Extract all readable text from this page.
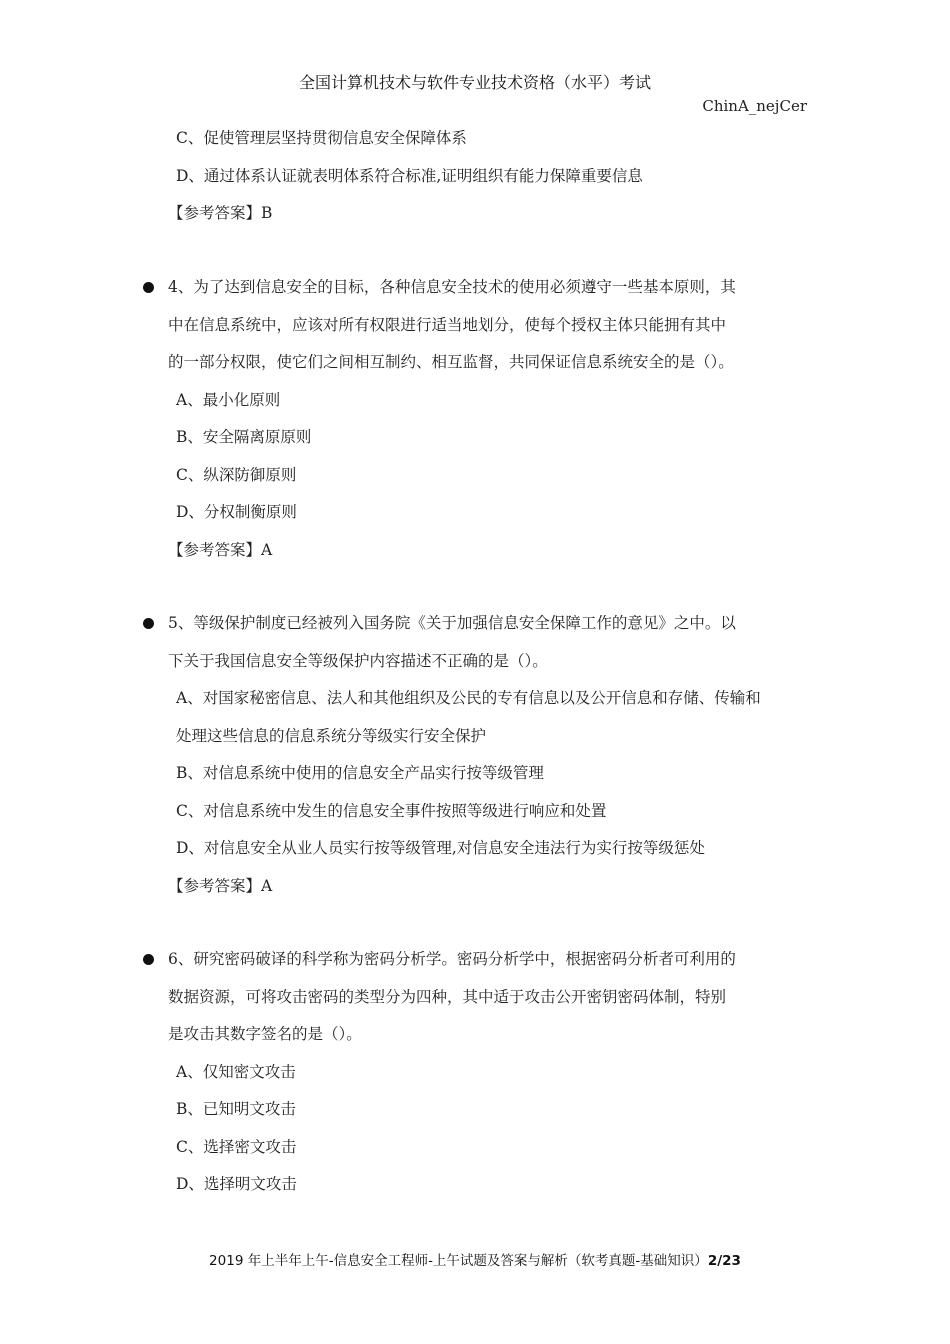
全国计算机技术与软件专业技术资格（水平）考试
ChinA_nejCer
C、促使管理层坚持贯彻信息安全保障体系
D、通过体系认证就表明体系符合标准,证明组织有能力保障重要信息
【参考答案】B
4、为了达到信息安全的目标，各种信息安全技术的使用必须遵守一些基本原则，其
中在信息系统中，应该对所有权限进行适当地划分，使每个授权主体只能拥有其中
的一部分权限，使它们之间相互制约、相互监督，共同保证信息系统安全的是（）。
A、最小化原则
B、安全隔离原原则
C、纵深防御原则
D、分权制衡原则
【参考答案】A
5、等级保护制度已经被列入国务院《关于加强信息安全保障工作的意见》之中。以
下关于我国信息安全等级保护内容描述不正确的是（）。
A、对国家秘密信息、法人和其他组织及公民的专有信息以及公开信息和存储、传输和
处理这些信息的信息系统分等级实行安全保护
B、对信息系统中使用的信息安全产品实行按等级管理
C、对信息系统中发生的信息安全事件按照等级进行响应和处置
D、对信息安全从业人员实行按等级管理,对信息安全违法行为实行按等级惩处
【参考答案】A
6、研究密码破译的科学称为密码分析学。密码分析学中，根据密码分析者可利用的
数据资源，可将攻击密码的类型分为四种，其中适于攻击公开密钥密码体制，特别
是攻击其数字签名的是（）。
A、仅知密文攻击
B、已知明文攻击
C、选择密文攻击
D、选择明文攻击
2019 年上半年上午-信息安全工程师-上午试题及答案与解析（软考真题-基础知识）2/23
